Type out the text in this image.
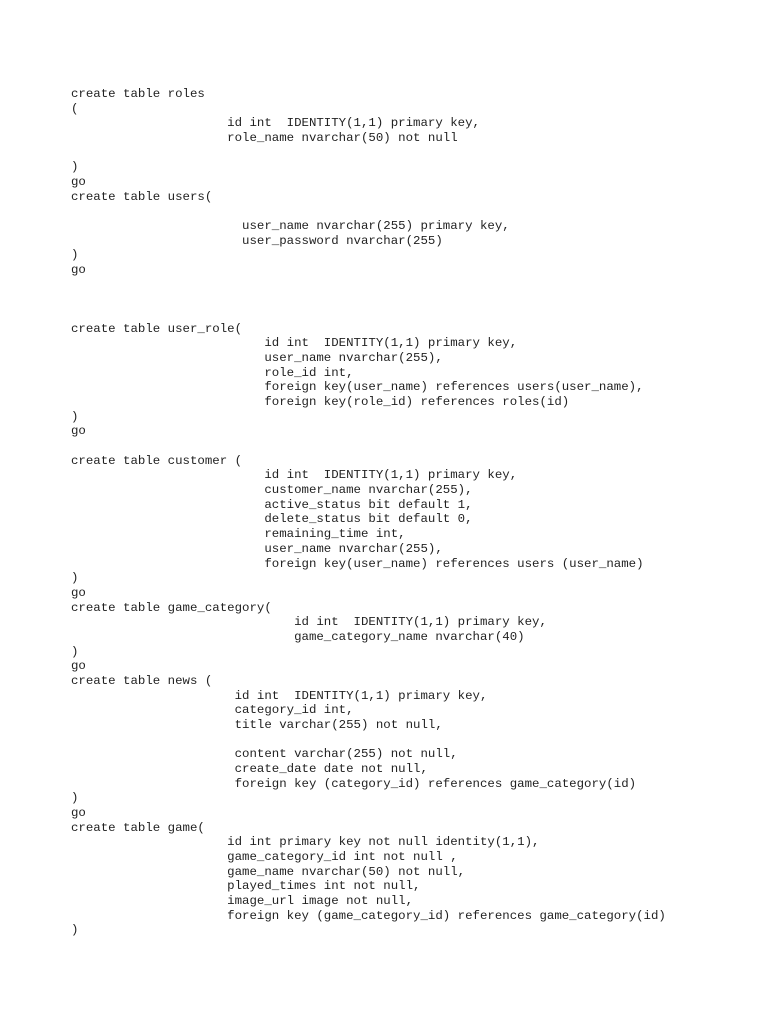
create table roles
(
id int  IDENTITY(1,1) primary key,
role_name nvarchar(50) not null
)
go
create table users(
user_name nvarchar(255) primary key,
user_password nvarchar(255)
)
go
create table user_role(
id int  IDENTITY(1,1) primary key,
user_name nvarchar(255),
role_id int,
foreign key(user_name) references users(user_name),
foreign key(role_id) references roles(id)
)
go
create table customer (
id int  IDENTITY(1,1) primary key,
customer_name nvarchar(255),
active_status bit default 1,
delete_status bit default 0,
remaining_time int,
user_name nvarchar(255),
foreign key(user_name) references users (user_name)
)
go
create table game_category(
id int  IDENTITY(1,1) primary key,
game_category_name nvarchar(40)
)
go
create table news (
id int  IDENTITY(1,1) primary key,
category_id int,
title varchar(255) not null,
content varchar(255) not null,
create_date date not null,
foreign key (category_id) references game_category(id)
)
go
create table game(
id int primary key not null identity(1,1),
game_category_id int not null ,
game_name nvarchar(50) not null,
played_times int not null,
image_url image not null,
foreign key (game_category_id) references game_category(id)
)
